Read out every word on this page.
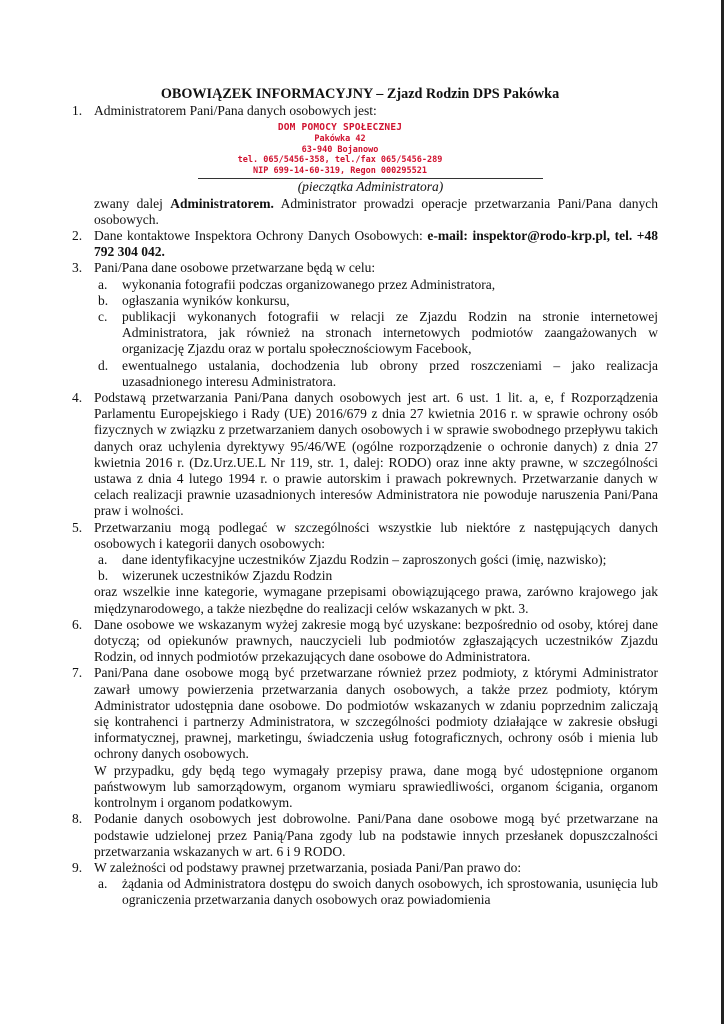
OBOWIĄZEK INFORMACYJNY – Zjazd Rodzin DPS Pakówka
1. Administratorem Pani/Pana danych osobowych jest:
DOM POMOCY SPOŁECZNEJ
Pakówka 42
63-940 Bojanowo
tel. 065/5456-358, tel./fax 065/5456-289
NIP 699-14-60-319, Regon 000295521
(pieczątka Administratora)
zwany dalej Administratorem. Administrator prowadzi operacje przetwarzania Pani/Pana danych osobowych.
2. Dane kontaktowe Inspektora Ochrony Danych Osobowych: e-mail: inspektor@rodo-krp.pl, tel. +48 792 304 042.
3. Pani/Pana dane osobowe przetwarzane będą w celu:
a. wykonania fotografii podczas organizowanego przez Administratora,
b. ogłaszania wyników konkursu,
c. publikacji wykonanych fotografii w relacji ze Zjazdu Rodzin na stronie internetowej Administratora, jak również na stronach internetowych podmiotów zaangażowanych w organizację Zjazdu oraz w portalu społecznościowym Facebook,
d. ewentualnego ustalania, dochodzenia lub obrony przed roszczeniami – jako realizacja uzasadnionego interesu Administratora.
4. Podstawą przetwarzania Pani/Pana danych osobowych jest art. 6 ust. 1 lit. a, e, f Rozporządzenia Parlamentu Europejskiego i Rady (UE) 2016/679 z dnia 27 kwietnia 2016 r. w sprawie ochrony osób fizycznych w związku z przetwarzaniem danych osobowych i w sprawie swobodnego przepływu takich danych oraz uchylenia dyrektywy 95/46/WE (ogólne rozporządzenie o ochronie danych) z dnia 27 kwietnia 2016 r. (Dz.Urz.UE.L Nr 119, str. 1, dalej: RODO) oraz inne akty prawne, w szczególności ustawa z dnia 4 lutego 1994 r. o prawie autorskim i prawach pokrewnych. Przetwarzanie danych w celach realizacji prawnie uzasadnionych interesów Administratora nie powoduje naruszenia Pani/Pana praw i wolności.
5. Przetwarzaniu mogą podlegać w szczególności wszystkie lub niektóre z następujących danych osobowych i kategorii danych osobowych:
a. dane identyfikacyjne uczestników Zjazdu Rodzin – zaproszonych gości (imię, nazwisko);
b. wizerunek uczestników Zjazdu Rodzin
oraz wszelkie inne kategorie, wymagane przepisami obowiązującego prawa, zarówno krajowego jak międzynarodowego, a także niezbędne do realizacji celów wskazanych w pkt. 3.
6. Dane osobowe we wskazanym wyżej zakresie mogą być uzyskane: bezpośrednio od osoby, której dane dotyczą; od opiekunów prawnych, nauczycieli lub podmiotów zgłaszających uczestników Zjazdu Rodzin, od innych podmiotów przekazujących dane osobowe do Administratora.
7. Pani/Pana dane osobowe mogą być przetwarzane również przez podmioty, z którymi Administrator zawarł umowy powierzenia przetwarzania danych osobowych, a także przez podmioty, którym Administrator udostępnia dane osobowe. Do podmiotów wskazanych w zdaniu poprzednim zaliczają się kontrahenci i partnerzy Administratora, w szczególności podmioty działające w zakresie obsługi informatycznej, prawnej, marketingu, świadczenia usług fotograficznych, ochrony osób i mienia lub ochrony danych osobowych.
W przypadku, gdy będą tego wymagały przepisy prawa, dane mogą być udostępnione organom państwowym lub samorządowym, organom wymiaru sprawiedliwości, organom ścigania, organom kontrolnym i organom podatkowym.
8. Podanie danych osobowych jest dobrowolne. Pani/Pana dane osobowe mogą być przetwarzane na podstawie udzielonej przez Panią/Pana zgody lub na podstawie innych przesłanek dopuszczalności przetwarzania wskazanych w art. 6 i 9 RODO.
9. W zależności od podstawy prawnej przetwarzania, posiada Pani/Pan prawo do:
a. żądania od Administratora dostępu do swoich danych osobowych, ich sprostowania, usunięcia lub ograniczenia przetwarzania danych osobowych oraz powiadomienia
